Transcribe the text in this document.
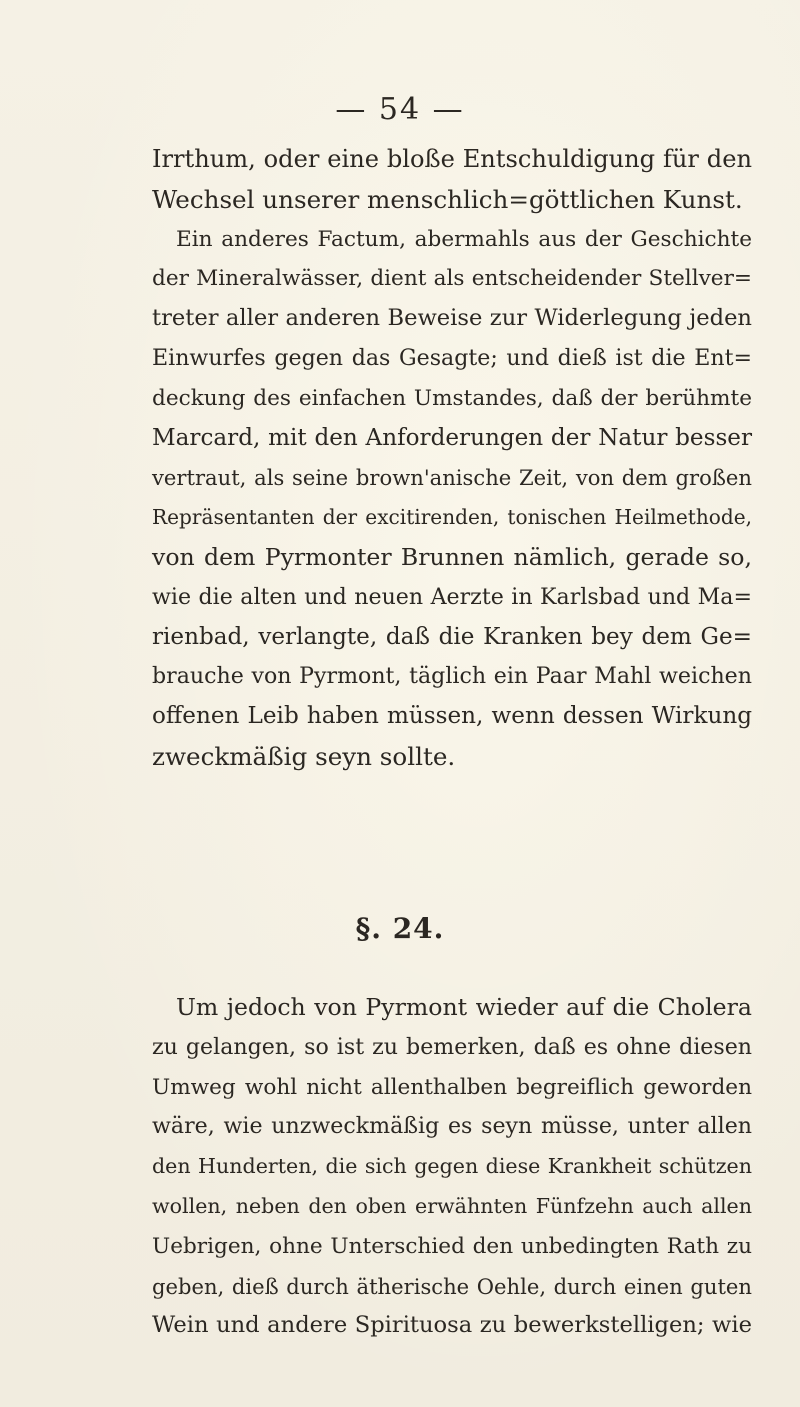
— 54 —
Irrthum, oder eine bloße Entschuldigung für den
Wechsel unserer menschlich=göttlichen Kunst.
Ein anderes Factum, abermahls aus der Geschichte
der Mineralwässer, dient als entscheidender Stellver=
treter aller anderen Beweise zur Widerlegung jeden
Einwurfes gegen das Gesagte; und dieß ist die Ent=
deckung des einfachen Umstandes, daß der berühmte
Marcard, mit den Anforderungen der Natur besser
vertraut, als seine brown'anische Zeit, von dem großen
Repräsentanten der excitirenden, tonischen Heilmethode,
von dem Pyrmonter Brunnen nämlich, gerade so,
wie die alten und neuen Aerzte in Karlsbad und Ma=
rienbad, verlangte, daß die Kranken bey dem Ge=
brauche von Pyrmont, täglich ein Paar Mahl weichen
offenen Leib haben müssen, wenn dessen Wirkung
zweckmäßig seyn sollte.
§. 24.
Um jedoch von Pyrmont wieder auf die Cholera
zu gelangen, so ist zu bemerken, daß es ohne diesen
Umweg wohl nicht allenthalben begreiflich geworden
wäre, wie unzweckmäßig es seyn müsse, unter allen
den Hunderten, die sich gegen diese Krankheit schützen
wollen, neben den oben erwähnten Fünfzehn auch allen
Uebrigen, ohne Unterschied den unbedingten Rath zu
geben, dieß durch ätherische Oehle, durch einen guten
Wein und andere Spirituosa zu bewerkstelligen; wie
